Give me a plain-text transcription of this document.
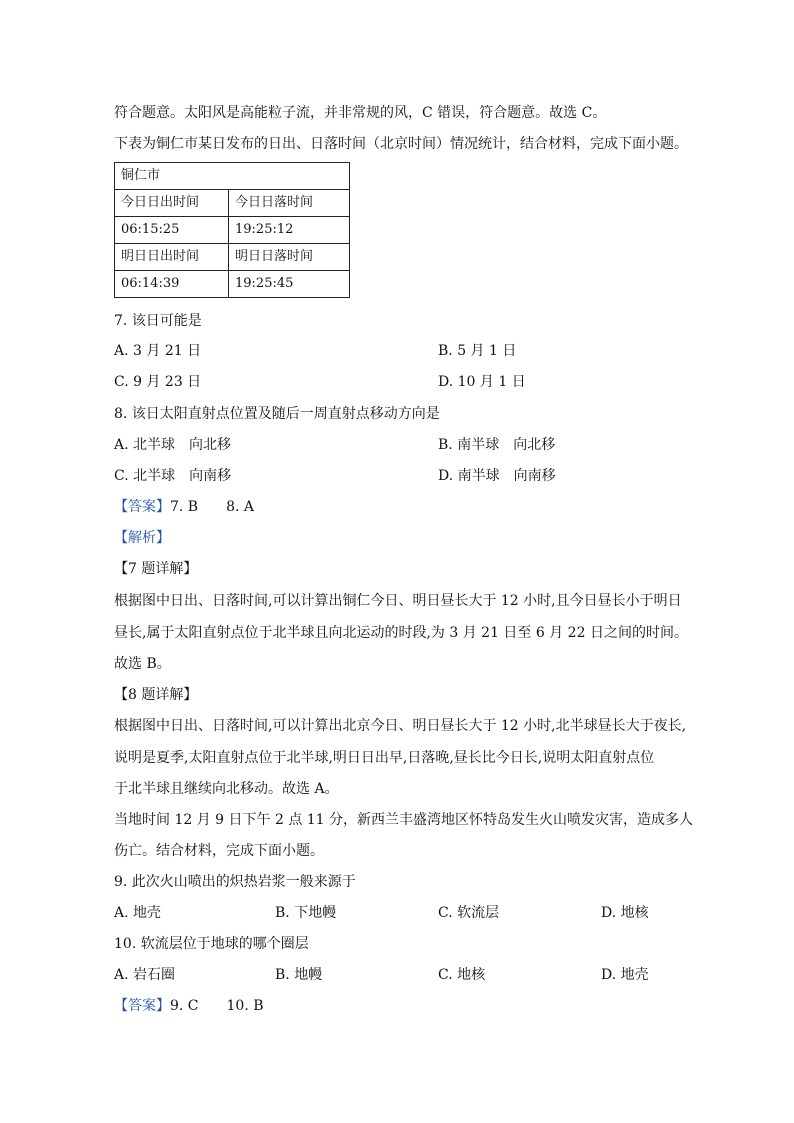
符合题意。太阳风是高能粒子流，并非常规的风，C 错误，符合题意。故选 C。
下表为铜仁市某日发布的日出、日落时间（北京时间）情况统计，结合材料，完成下面小题。
铜仁市	
今日日出时间	今日日落时间
06:15:25	19:25:12
明日日出时间	明日日落时间
06:14:39	19:25:45
7. 该日可能是
A. 3 月 21 日	B. 5 月 1 日
C. 9 月 23 日	D. 10 月 1 日
8. 该日太阳直射点位置及随后一周直射点移动方向是
A. 北半球　向北移	B. 南半球　向北移
C. 北半球　向南移	D. 南半球　向南移
【答案】7. B　　8. A
【解析】
【7 题详解】
根据图中日出、日落时间,可以计算出铜仁今日、明日昼长大于 12 小时,且今日昼长小于明日
昼长,属于太阳直射点位于北半球且向北运动的时段,为 3 月 21 日至 6 月 22 日之间的时间。
故选 B。
【8 题详解】
根据图中日出、日落时间,可以计算出北京今日、明日昼长大于 12 小时,北半球昼长大于夜长,
说明是夏季,太阳直射点位于北半球,明日日出早,日落晚,昼长比今日长,说明太阳直射点位
于北半球且继续向北移动。故选 A。
当地时间 12 月 9 日下午 2 点 11 分，新西兰丰盛湾地区怀特岛发生火山喷发灾害，造成多人
伤亡。结合材料，完成下面小题。
9. 此次火山喷出的炽热岩浆一般来源于
A. 地壳	B. 下地幔	C. 软流层	D. 地核
10. 软流层位于地球的哪个圈层
A. 岩石圈	B. 地幔	C. 地核	D. 地壳
【答案】9. C　　10. B
